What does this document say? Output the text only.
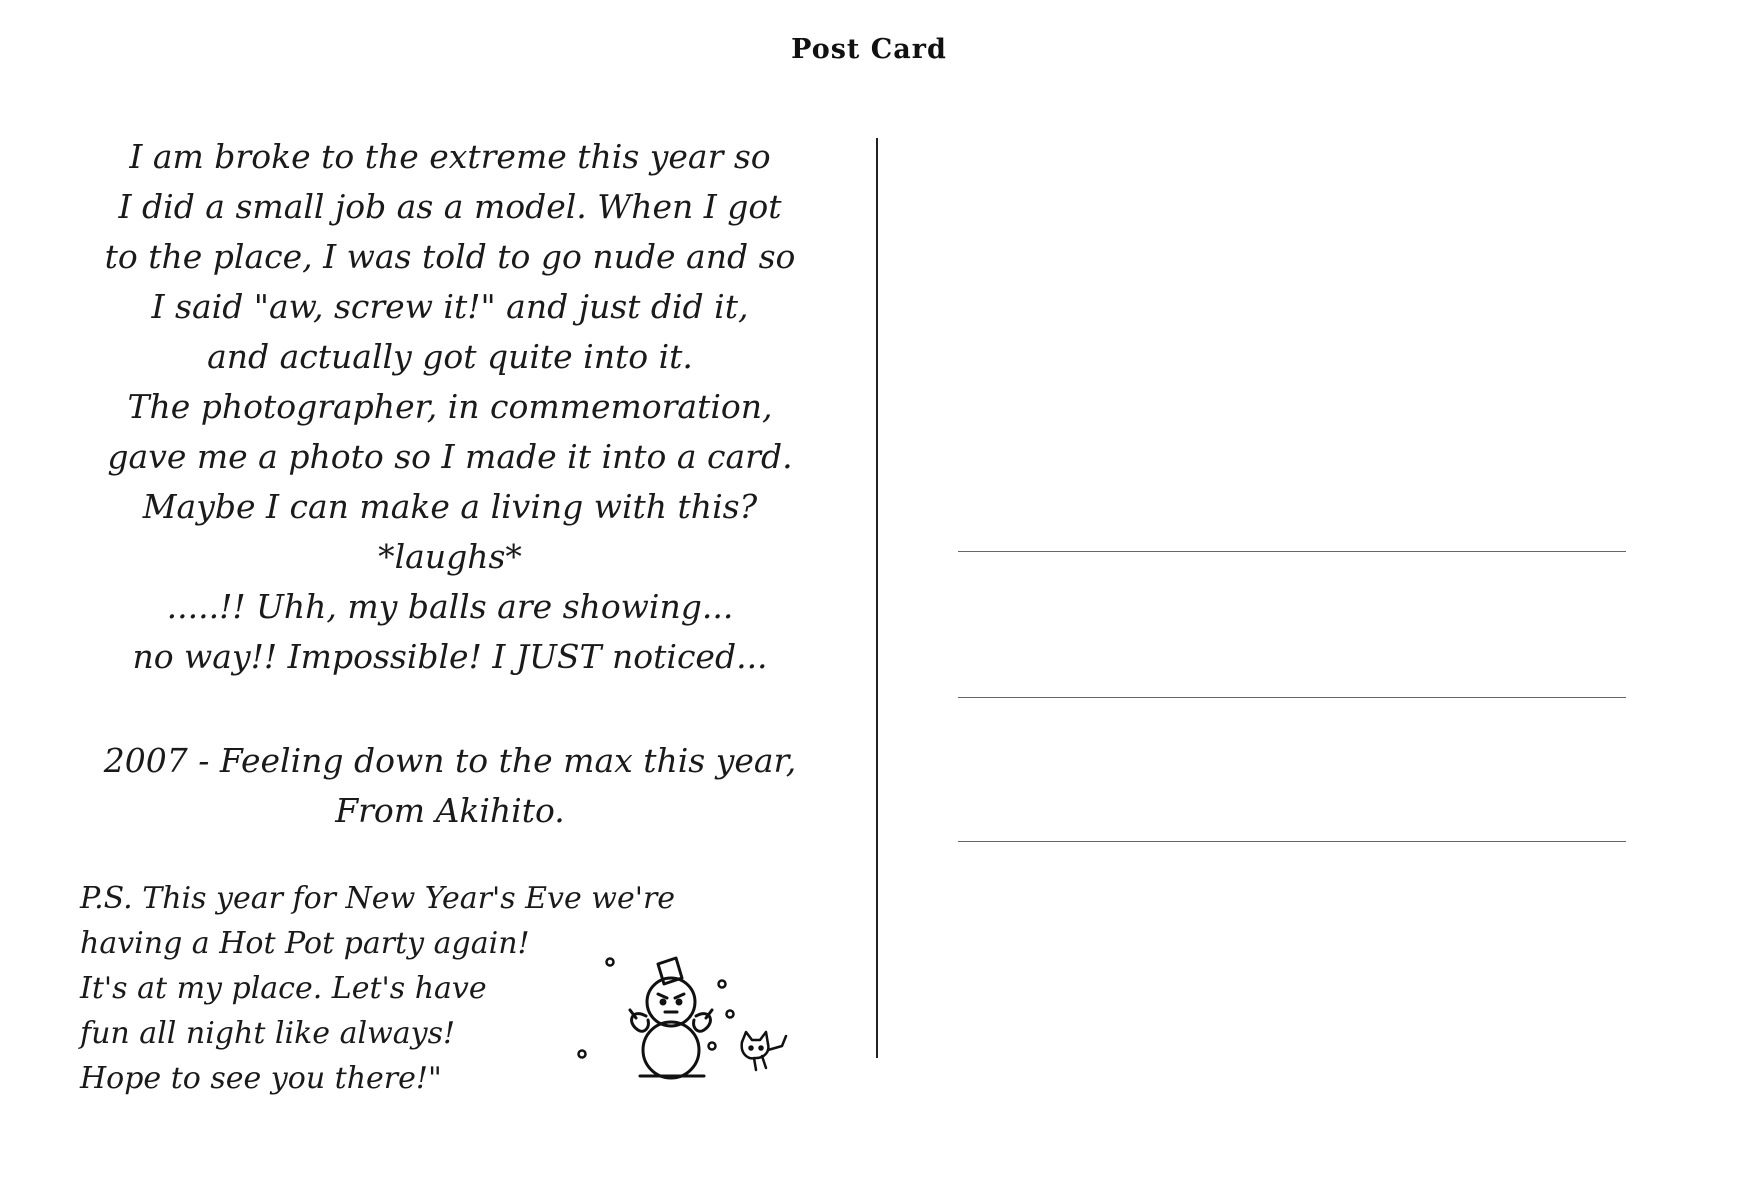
Post Card
I am broke to the extreme this year so
I did a small job as a model. When I got
to the place, I was told to go nude and so
I said "aw, screw it!" and just did it,
and actually got quite into it.
The photographer, in commemoration,
gave me a photo so I made it into a card.
Maybe I can make a living with this?
*laughs*
.....!! Uhh, my balls are showing...
no way!! Impossible! I JUST noticed...
2007 - Feeling down to the max this year,
From Akihito.
P.S. This year for New Year's Eve we're
having a Hot Pot party again!
It's at my place. Let's have
fun all night like always!
Hope to see you there!"
